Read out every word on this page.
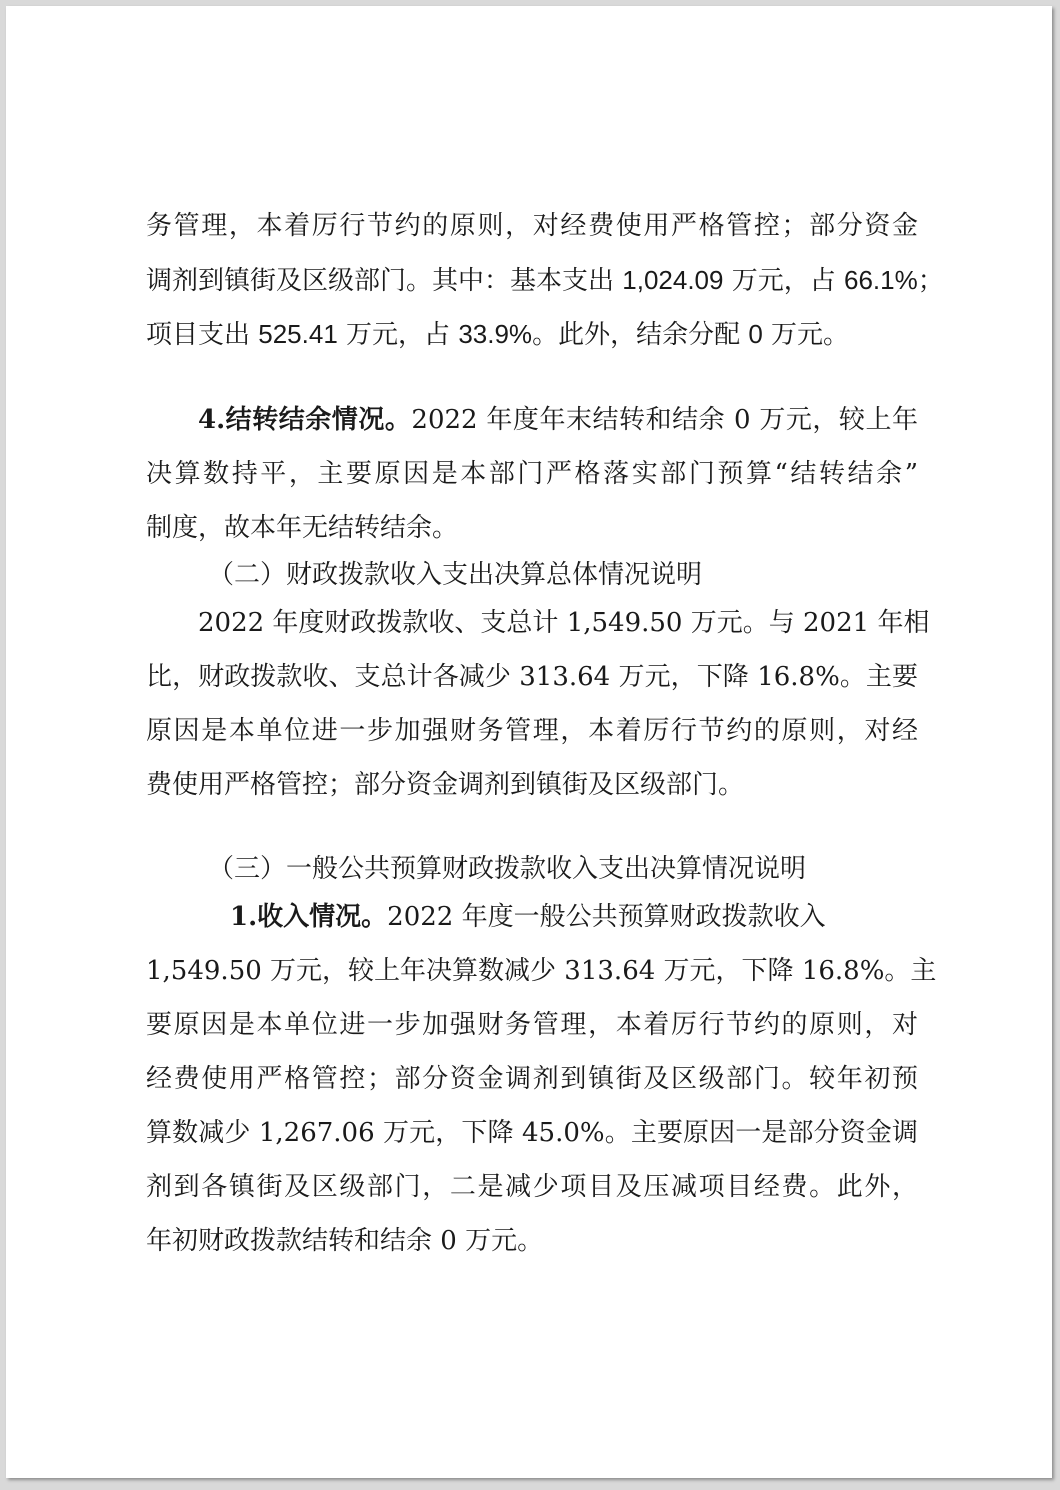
务管理，本着厉行节约的原则，对经费使用严格管控；部分资金
调剂到镇街及区级部门。其中：基本支出 1,024.09 万元，占 66.1%；
项目支出 525.41 万元，占 33.9%。此外，结余分配 0 万元。
4.结转结余情况。2022 年度年末结转和结余 0 万元，较上年
决算数持平，主要原因是本部门严格落实部门预算“结转结余”
制度，故本年无结转结余。
（二）财政拨款收入支出决算总体情况说明
2022 年度财政拨款收、支总计 1,549.50 万元。与 2021 年相
比，财政拨款收、支总计各减少 313.64 万元，下降 16.8%。主要
原因是本单位进一步加强财务管理，本着厉行节约的原则，对经
费使用严格管控；部分资金调剂到镇街及区级部门。
（三）一般公共预算财政拨款收入支出决算情况说明
1.收入情况。2022 年度一般公共预算财政拨款收入
1,549.50 万元，较上年决算数减少 313.64 万元，下降 16.8%。主
要原因是本单位进一步加强财务管理，本着厉行节约的原则，对
经费使用严格管控；部分资金调剂到镇街及区级部门。较年初预
算数减少 1,267.06 万元，下降 45.0%。主要原因一是部分资金调
剂到各镇街及区级部门，二是减少项目及压减项目经费。此外，
年初财政拨款结转和结余 0 万元。
